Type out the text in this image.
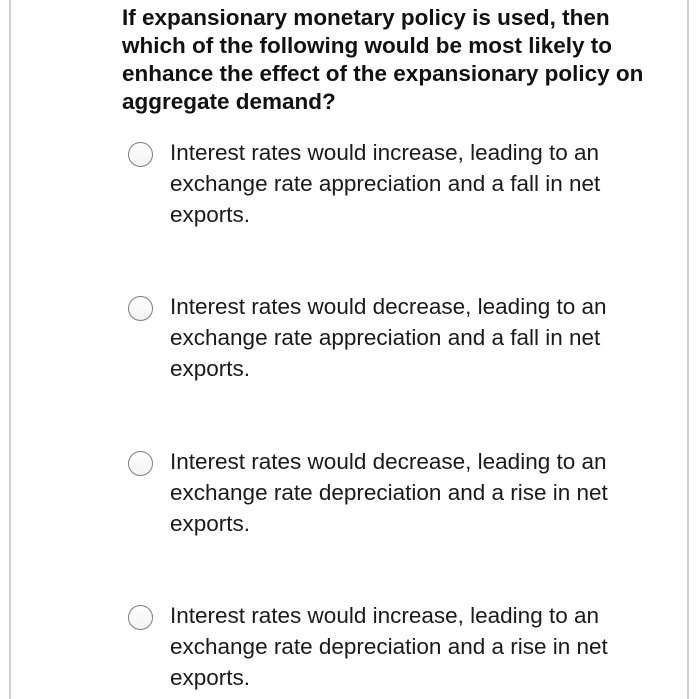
If expansionary monetary policy is used, then which of the following would be most likely to enhance the effect of the expansionary policy on aggregate demand?

Interest rates would increase, leading to an exchange rate appreciation and a fall in net exports.
Interest rates would decrease, leading to an exchange rate appreciation and a fall in net exports.
Interest rates would decrease, leading to an exchange rate depreciation and a rise in net exports.
Interest rates would increase, leading to an exchange rate depreciation and a rise in net exports.
